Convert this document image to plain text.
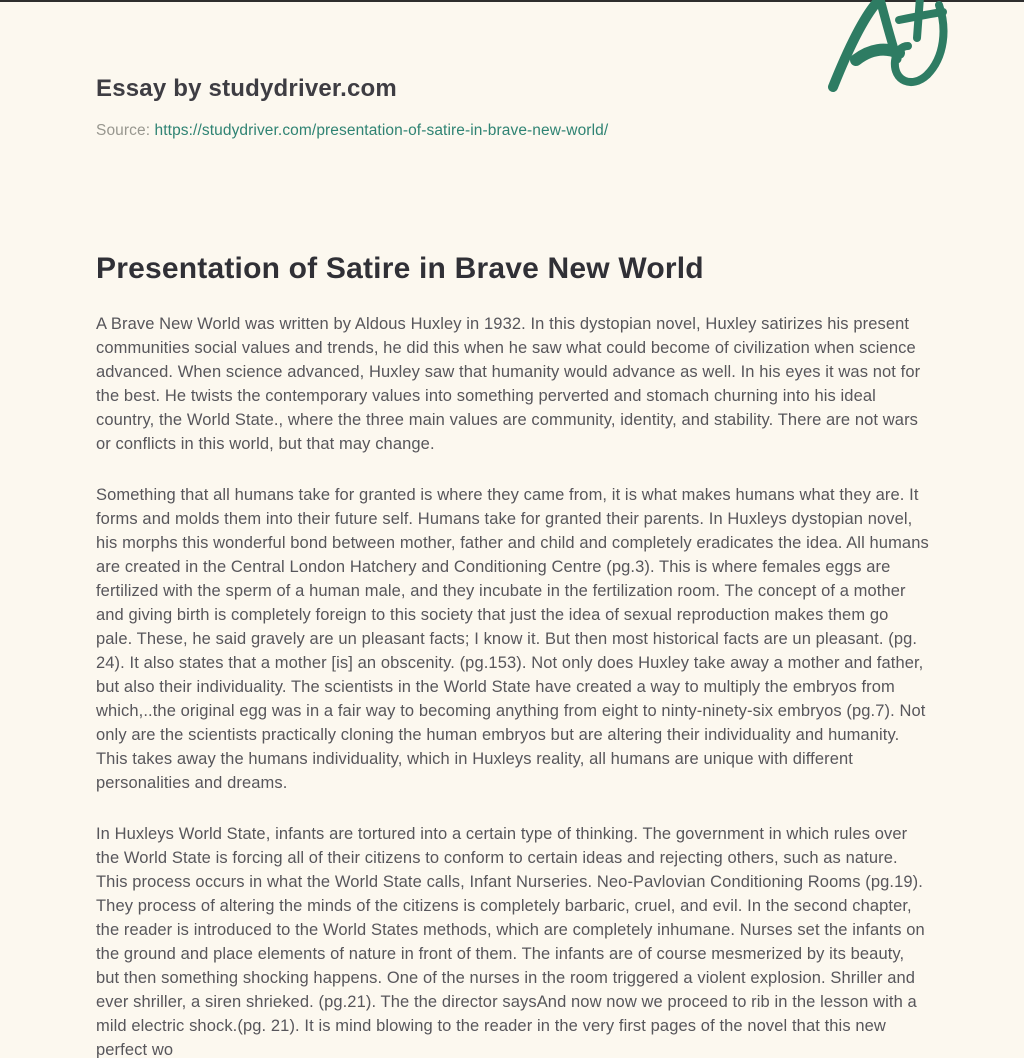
Essay by studydriver.com
Source: https://studydriver.com/presentation-of-satire-in-brave-new-world/
Presentation of Satire in Brave New World

A Brave New World was written by Aldous Huxley in 1932. In this dystopian novel, Huxley satirizes his present communities social values and trends, he did this when he saw what could become of civilization when science advanced. When science advanced, Huxley saw that humanity would advance as well. In his eyes it was not for the best. He twists the contemporary values into something perverted and stomach churning into his ideal country, the World State., where the three main values are community, identity, and stability. There are not wars or conflicts in this world, but that may change.

Something that all humans take for granted is where they came from, it is what makes humans what they are. It forms and molds them into their future self. Humans take for granted their parents. In Huxleys dystopian novel, his morphs this wonderful bond between mother, father and child and completely eradicates the idea. All humans are created in the Central London Hatchery and Conditioning Centre (pg.3). This is where females eggs are fertilized with the sperm of a human male, and they incubate in the fertilization room. The concept of a mother and giving birth is completely foreign to this society that just the idea of sexual reproduction makes them go pale. These, he said gravely are un pleasant facts; I know it. But then most historical facts are un pleasant. (pg. 24). It also states that a mother [is] an obscenity. (pg.153). Not only does Huxley take away a mother and father, but also their individuality. The scientists in the World State have created a way to multiply the embryos from which,..the original egg was in a fair way to becoming anything from eight to ninty-ninety-six embryos (pg.7). Not only are the scientists practically cloning the human embryos but are altering their individuality and humanity. This takes away the humans individuality, which in Huxleys reality, all humans are unique with different personalities and dreams.

In Huxleys World State, infants are tortured into a certain type of thinking. The government in which rules over the World State is forcing all of their citizens to conform to certain ideas and rejecting others, such as nature. This process occurs in what the World State calls, Infant Nurseries. Neo-Pavlovian Conditioning Rooms (pg.19). They process of altering the minds of the citizens is completely barbaric, cruel, and evil. In the second chapter, the reader is introduced to the World States methods, which are completely inhumane. Nurses set the infants on the ground and place elements of nature in front of them. The infants are of course mesmerized by its beauty, but then something shocking happens. One of the nurses in the room triggered a violent explosion. Shriller and ever shriller, a siren shrieked. (pg.21). The the director saysAnd now now we proceed to rib in the lesson with a mild electric shock.(pg. 21). It is mind blowing to the reader in the very first pages of the novel that this new perfect wo
